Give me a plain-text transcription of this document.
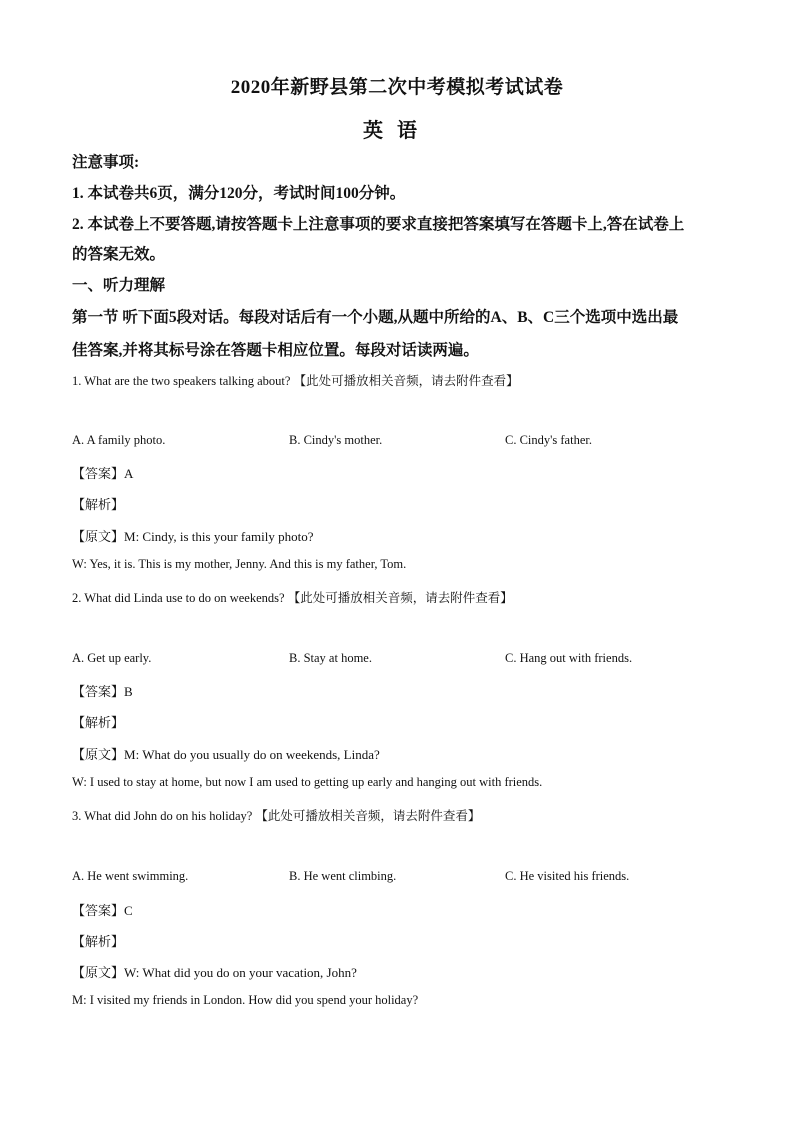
2020年新野县第二次中考模拟考试试卷
英语
注意事项:
1. 本试卷共6页，满分120分，考试时间100分钟。
2. 本试卷上不要答题,请按答题卡上注意事项的要求直接把答案填写在答题卡上,答在试卷上
的答案无效。
一、听力理解
第一节 听下面5段对话。每段对话后有一个小题,从题中所给的A、B、C三个选项中选出最
佳答案,并将其标号涂在答题卡相应位置。每段对话读两遍。
1. What are the two speakers talking about? 【此处可播放相关音频，请去附件查看】
A. A family photo.	B. Cindy's mother.	C. Cindy's father.
【答案】A
【解析】
【原文】M: Cindy, is this your family photo?
W: Yes, it is. This is my mother, Jenny. And this is my father, Tom.
2. What did Linda use to do on weekends? 【此处可播放相关音频，请去附件查看】
A. Get up early.	B. Stay at home.	C. Hang out with friends.
【答案】B
【解析】
【原文】M: What do you usually do on weekends, Linda?
W: I used to stay at home, but now I am used to getting up early and hanging out with friends.
3. What did John do on his holiday? 【此处可播放相关音频，请去附件查看】
A. He went swimming.	B. He went climbing.	C. He visited his friends.
【答案】C
【解析】
【原文】W: What did you do on your vacation, John?
M: I visited my friends in London. How did you spend your holiday?
